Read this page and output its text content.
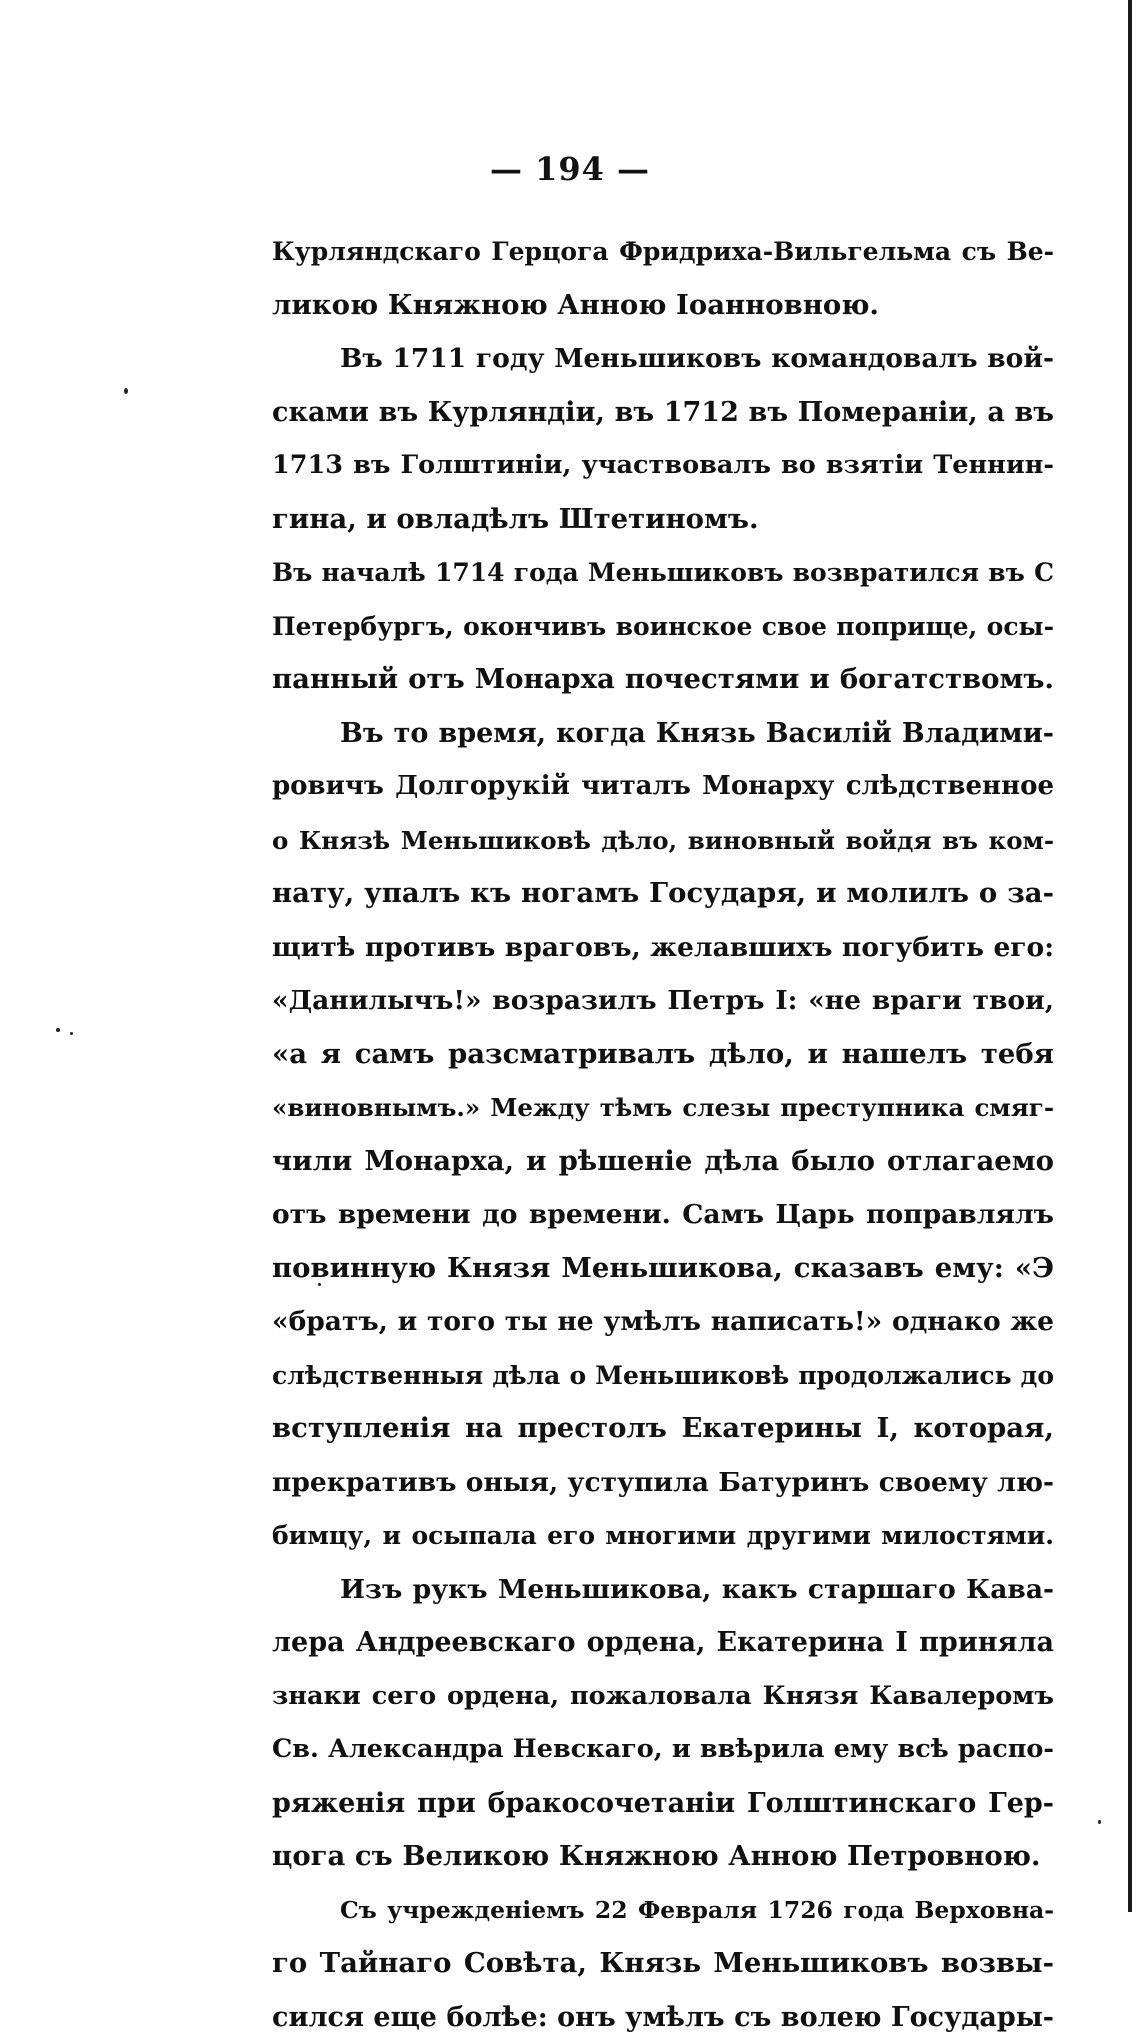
— 194 —
Курляндскаго Герцога Фридриха-Вильгельма съ Ве-
ликою Княжною Анною Іоанновною.
Въ 1711 году Меньшиковъ командовалъ вой-
сками въ Курляндіи, въ 1712 въ Помераніи, а въ
1713 въ Голштиніи, участвовалъ во взятіи Теннин-
гина, и овладѣлъ Штетиномъ.
Въ началѣ 1714 года Меньшиковъ возвратился въ С
Петербургъ, окончивъ воинское свое поприще, осы-
панный отъ Монарха почестями и богатствомъ.
Въ то время, когда Князь Василій Владими-
ровичъ Долгорукій читалъ Монарху слѣдственное
о Князѣ Меньшиковѣ дѣло, виновный войдя въ ком-
нату, упалъ къ ногамъ Государя, и молилъ о за-
щитѣ противъ враговъ, желавшихъ погубить его:
«Данилычъ!» возразилъ Петръ I: «не враги твои,
«а я самъ разсматривалъ дѣло, и нашелъ тебя
«виновнымъ.» Между тѣмъ слезы преступника смяг-
чили Монарха, и рѣшеніе дѣла было отлагаемо
отъ времени до времени. Самъ Царь поправлялъ
повинную Князя Меньшикова, сказавъ ему: «Э
«братъ, и того ты не умѣлъ написать!» однако же
слѣдственныя дѣла о Меньшиковѣ продолжались до
вступленія на престолъ Екатерины I, которая,
прекративъ оныя, уступила Батуринъ своему лю-
бимцу, и осыпала его многими другими милостями.
Изъ рукъ Меньшикова, какъ старшаго Кава-
лера Андреевскаго ордена, Екатерина I приняла
знаки сего ордена, пожаловала Князя Кавалеромъ
Св. Александра Невскаго, и ввѣрила ему всѣ распо-
ряженія при бракосочетаніи Голштинскаго Гер-
цога съ Великою Княжною Анною Петровною.
Съ учрежденіемъ 22 Февраля 1726 года Верховна-
го Тайнаго Совѣта, Князь Меньшиковъ возвы-
сился еще болѣе: онъ умѣлъ съ волею Государы-
